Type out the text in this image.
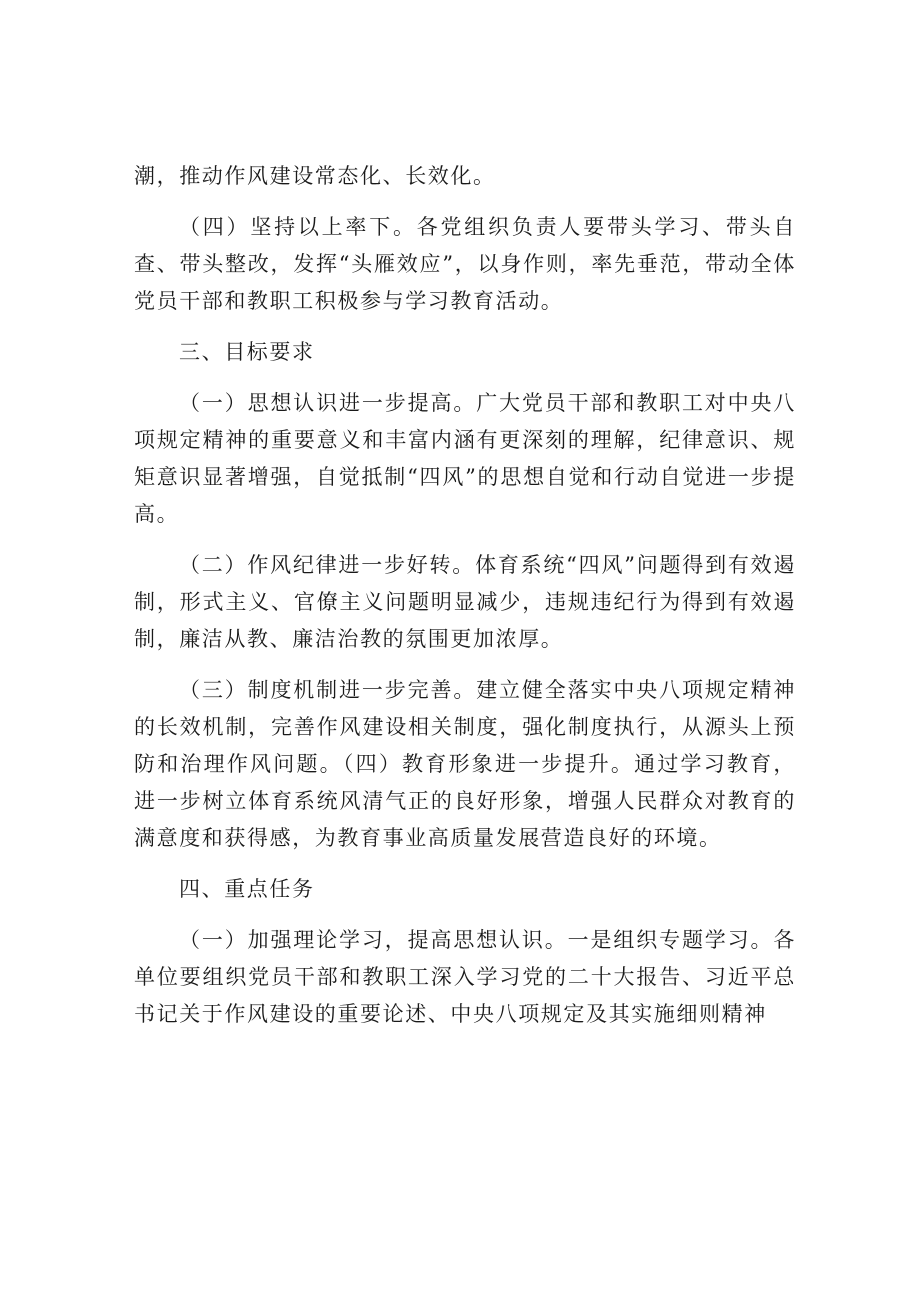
潮，推动作风建设常态化、长效化。

（四）坚持以上率下。各党组织负责人要带头学习、带头自查、带头整改，发挥“头雁效应”，以身作则，率先垂范，带动全体党员干部和教职工积极参与学习教育活动。

三、目标要求

（一）思想认识进一步提高。广大党员干部和教职工对中央八项规定精神的重要意义和丰富内涵有更深刻的理解，纪律意识、规矩意识显著增强，自觉抵制“四风”的思想自觉和行动自觉进一步提高。

（二）作风纪律进一步好转。体育系统“四风”问题得到有效遏制，形式主义、官僚主义问题明显减少，违规违纪行为得到有效遏制，廉洁从教、廉洁治教的氛围更加浓厚。

（三）制度机制进一步完善。建立健全落实中央八项规定精神的长效机制，完善作风建设相关制度，强化制度执行，从源头上预防和治理作风问题。（四）教育形象进一步提升。通过学习教育，进一步树立体育系统风清气正的良好形象，增强人民群众对教育的满意度和获得感，为教育事业高质量发展营造良好的环境。

四、重点任务

（一）加强理论学习，提高思想认识。一是组织专题学习。各单位要组织党员干部和教职工深入学习党的二十大报告、习近平总书记关于作风建设的重要论述、中央八项规定及其实施细则精神
